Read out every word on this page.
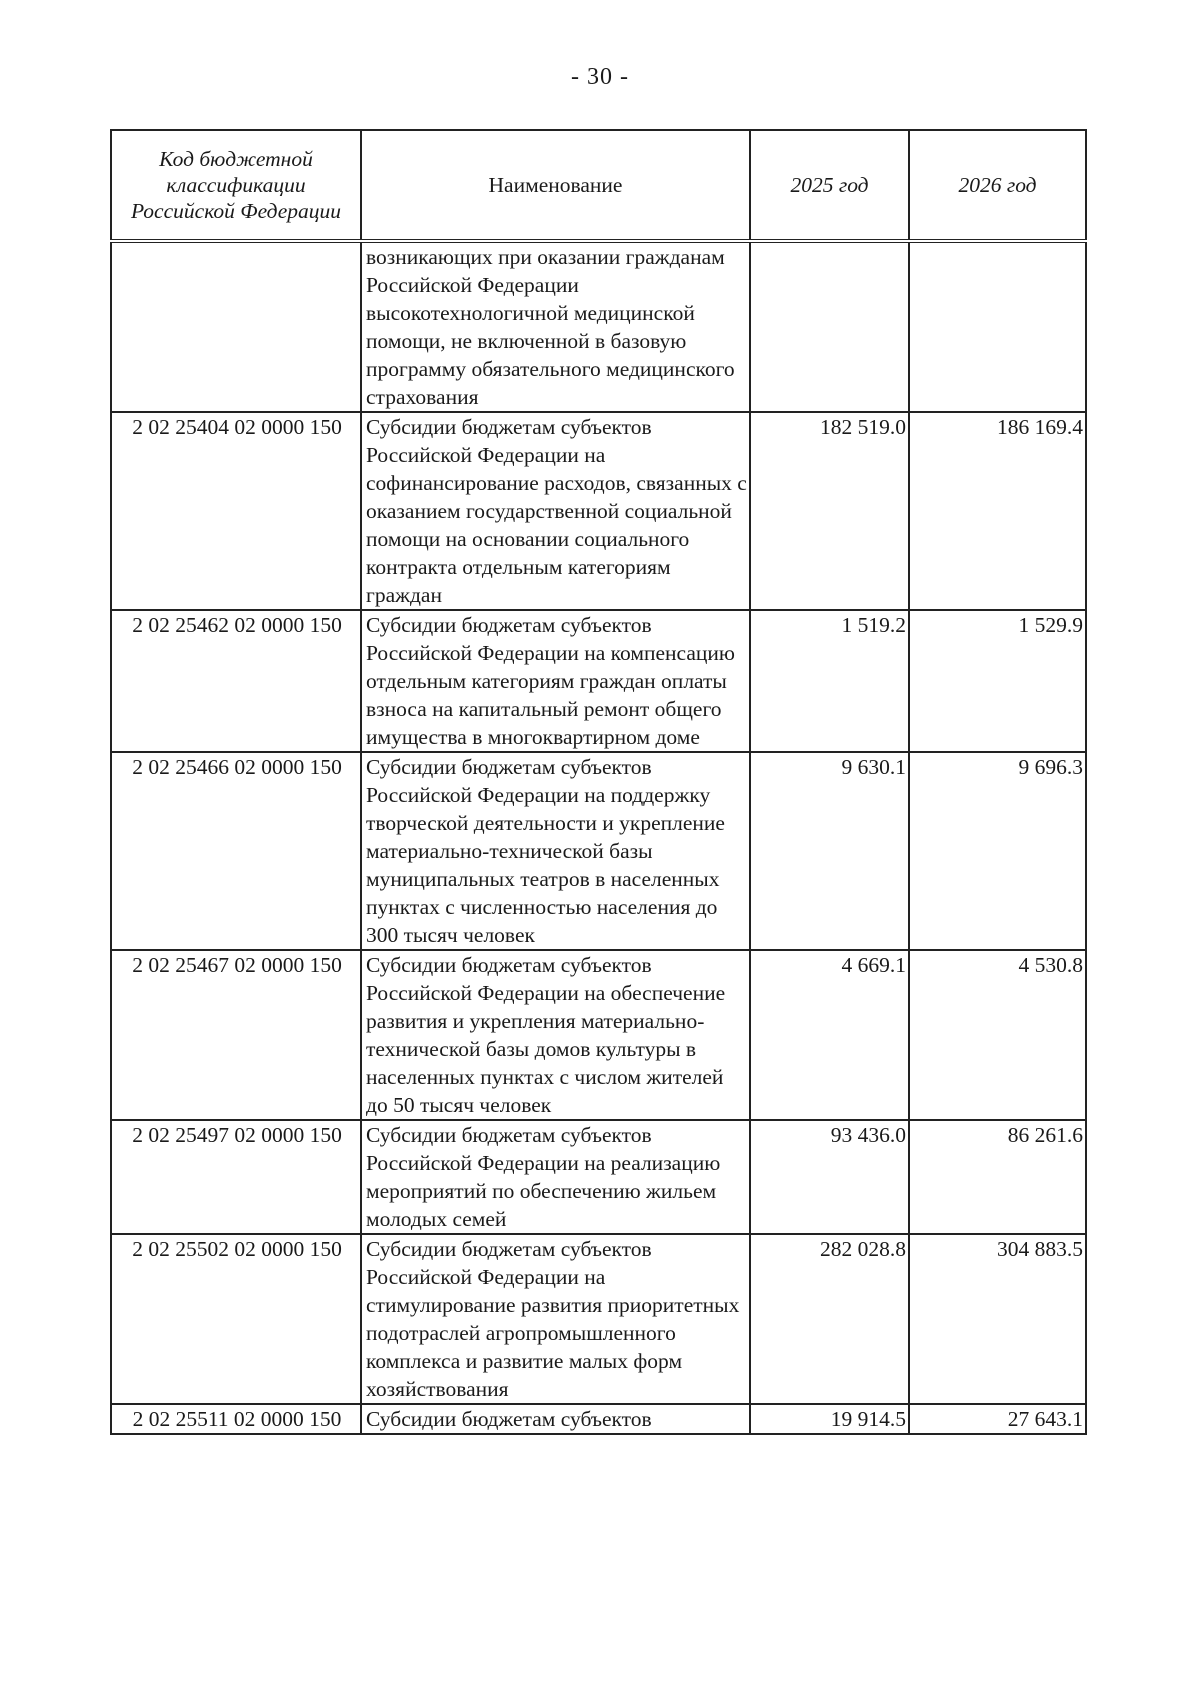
- 30 -
Код бюджетной классификации Российской Федерации	Наименование	2025 год	2026 год
	возникающих при оказании гражданам Российской Федерации высокотехнологичной медицинской помощи, не включенной в базовую программу обязательного медицинского страхования		
2 02 25404 02 0000 150	Субсидии бюджетам субъектов Российской Федерации на софинансирование расходов, связанных с оказанием государственной социальной помощи на основании социального контракта отдельным категориям граждан	182 519.0	186 169.4
2 02 25462 02 0000 150	Субсидии бюджетам субъектов Российской Федерации на компенсацию отдельным категориям граждан оплаты взноса на капитальный ремонт общего имущества в многоквартирном доме	1 519.2	1 529.9
2 02 25466 02 0000 150	Субсидии бюджетам субъектов Российской Федерации на поддержку творческой деятельности и укрепление материально-технической базы муниципальных театров в населенных пунктах с численностью населения до 300 тысяч человек	9 630.1	9 696.3
2 02 25467 02 0000 150	Субсидии бюджетам субъектов Российской Федерации на обеспечение развития и укрепления материально-технической базы домов культуры в населенных пунктах с числом жителей до 50 тысяч человек	4 669.1	4 530.8
2 02 25497 02 0000 150	Субсидии бюджетам субъектов Российской Федерации на реализацию мероприятий по обеспечению жильем молодых семей	93 436.0	86 261.6
2 02 25502 02 0000 150	Субсидии бюджетам субъектов Российской Федерации на стимулирование развития приоритетных подотраслей агропромышленного комплекса и развитие малых форм хозяйствования	282 028.8	304 883.5
2 02 25511 02 0000 150	Субсидии бюджетам субъектов	19 914.5	27 643.1
